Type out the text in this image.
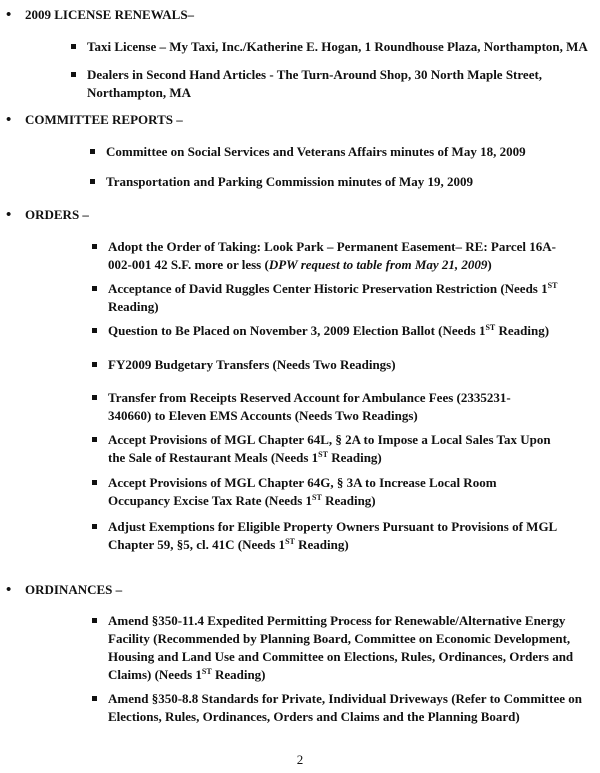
• 2009 LICENSE RENEWALS–
Taxi License – My Taxi, Inc./Katherine E. Hogan, 1 Roundhouse Plaza, Northampton, MA
Dealers in Second Hand Articles - The Turn-Around Shop, 30 North Maple Street, Northampton, MA
• COMMITTEE REPORTS –
Committee on Social Services and Veterans Affairs minutes of May 18, 2009
Transportation and Parking Commission minutes of May 19, 2009
• ORDERS –
Adopt the Order of Taking: Look Park – Permanent Easement– RE: Parcel 16A-002-001 42 S.F. more or less (DPW request to table from May 21, 2009)
Acceptance of David Ruggles Center Historic Preservation Restriction (Needs 1ST Reading)
Question to Be Placed on November 3, 2009 Election Ballot (Needs 1ST Reading)
FY2009 Budgetary Transfers (Needs Two Readings)
Transfer from Receipts Reserved Account for Ambulance Fees (2335231-340660) to Eleven EMS Accounts (Needs Two Readings)
Accept Provisions of MGL Chapter 64L, § 2A to Impose a Local Sales Tax Upon the Sale of Restaurant Meals (Needs 1ST Reading)
Accept Provisions of MGL Chapter 64G, § 3A to Increase Local Room Occupancy Excise Tax Rate (Needs 1ST Reading)
Adjust Exemptions for Eligible Property Owners Pursuant to Provisions of MGL Chapter 59, §5, cl. 41C (Needs 1ST Reading)
• ORDINANCES –
Amend §350-11.4 Expedited Permitting Process for Renewable/Alternative Energy Facility (Recommended by Planning Board, Committee on Economic Development, Housing and Land Use and Committee on Elections, Rules, Ordinances, Orders and Claims) (Needs 1ST Reading)
Amend §350-8.8 Standards for Private, Individual Driveways (Refer to Committee on Elections, Rules, Ordinances, Orders and Claims and the Planning Board)
2
